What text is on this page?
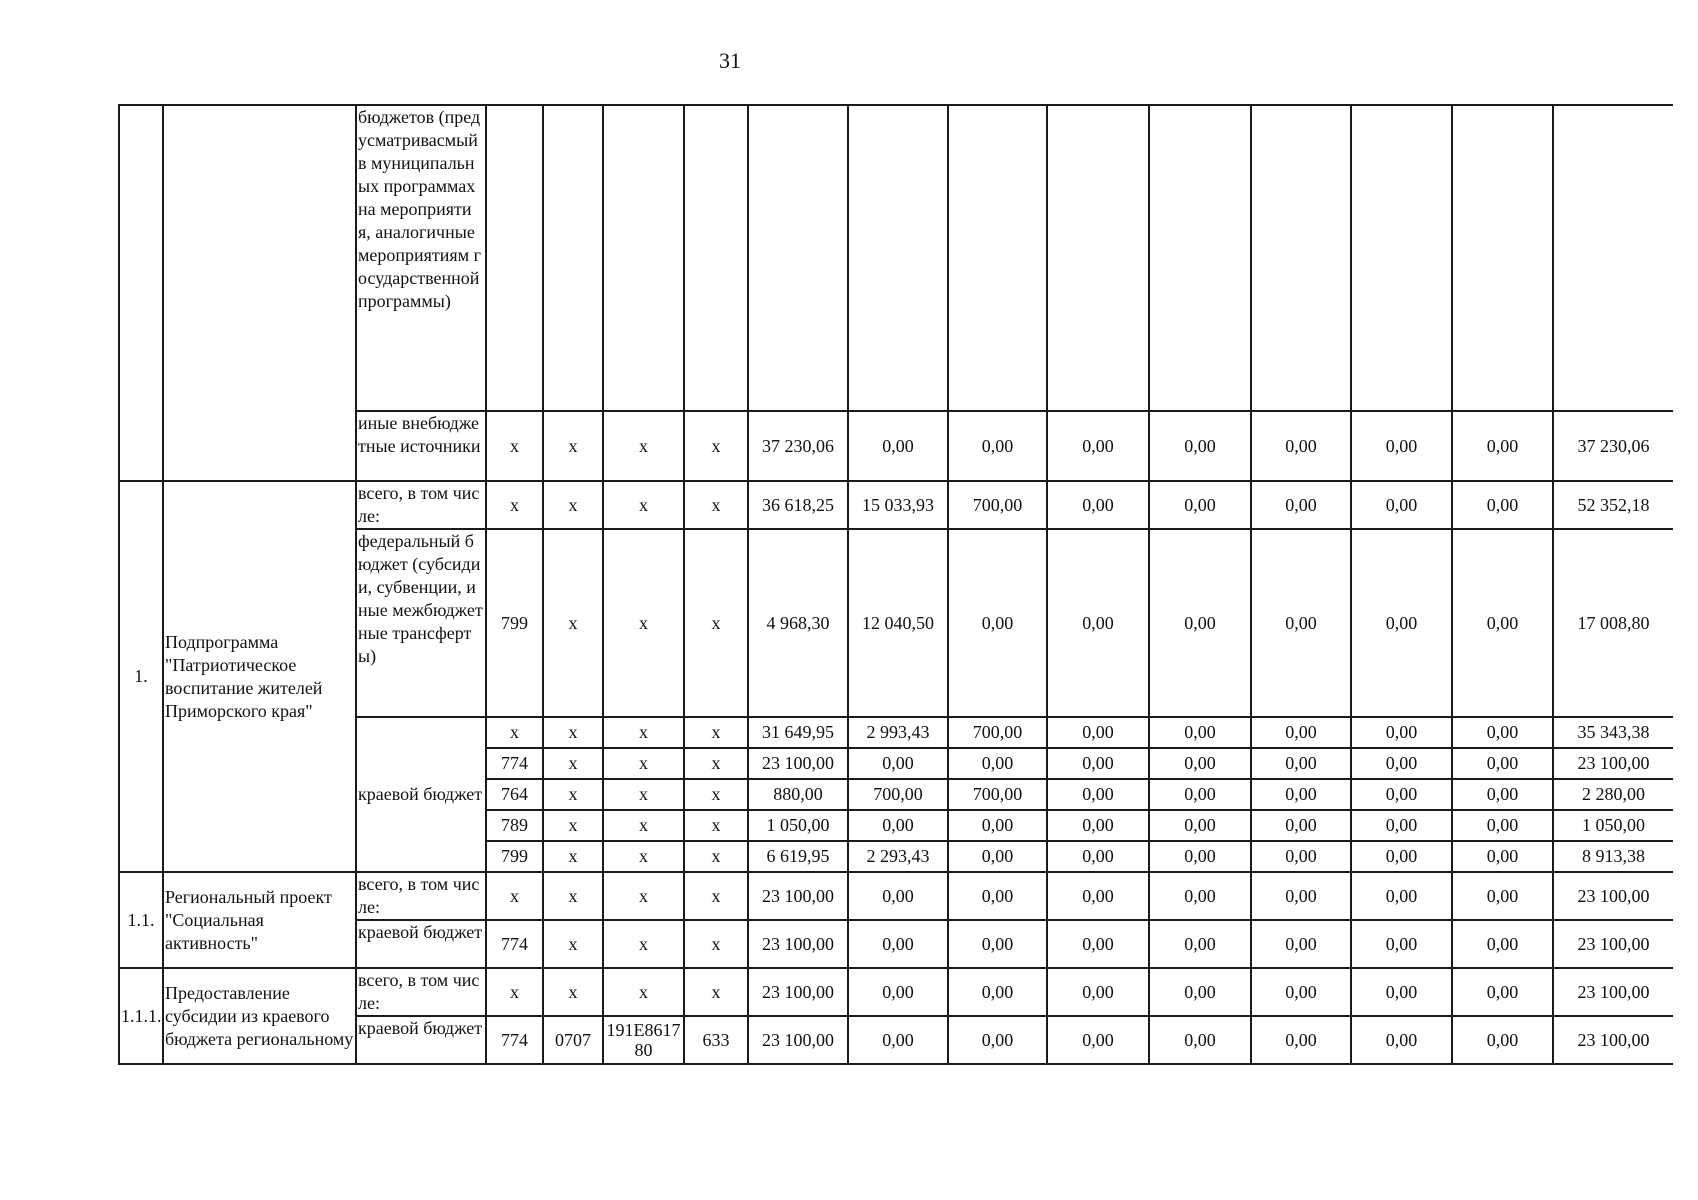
31
		бюджетов (предусматривасмый в муниципальных программах на мероприятия, аналогичные мероприятиям государственной программы)													
		иные внебюджетные источники	x	x	x	x	37 230,06	0,00	0,00	0,00	0,00	0,00	0,00	0,00	37 230,06
1.	Подпрограмма "Патриотическое воспитание жителей Приморского края"	всего, в том числе:	x	x	x	x	36 618,25	15 033,93	700,00	0,00	0,00	0,00	0,00	0,00	52 352,18
		федеральный бюджет (субсидии, субвенции, иные межбюджетные трансферты)	799	x	x	x	4 968,30	12 040,50	0,00	0,00	0,00	0,00	0,00	0,00	17 008,80
		краевой бюджет	x	x	x	x	31 649,95	2 993,43	700,00	0,00	0,00	0,00	0,00	0,00	35 343,38
			774	x	x	x	23 100,00	0,00	0,00	0,00	0,00	0,00	0,00	0,00	23 100,00
			764	x	x	x	880,00	700,00	700,00	0,00	0,00	0,00	0,00	0,00	2 280,00
			789	x	x	x	1 050,00	0,00	0,00	0,00	0,00	0,00	0,00	0,00	1 050,00
			799	x	x	x	6 619,95	2 293,43	0,00	0,00	0,00	0,00	0,00	0,00	8 913,38
1.1.	Региональный проект "Социальная активность"	всего, в том числе:	x	x	x	x	23 100,00	0,00	0,00	0,00	0,00	0,00	0,00	0,00	23 100,00
		краевой бюджет	774	x	x	x	23 100,00	0,00	0,00	0,00	0,00	0,00	0,00	0,00	23 100,00
1.1.1.	Предоставление субсидии из краевого бюджета региональному	всего, в том числе:	x	x	x	x	23 100,00	0,00	0,00	0,00	0,00	0,00	0,00	0,00	23 100,00
		краевой бюджет	774	0707	191E861780	633	23 100,00	0,00	0,00	0,00	0,00	0,00	0,00	0,00	23 100,00
